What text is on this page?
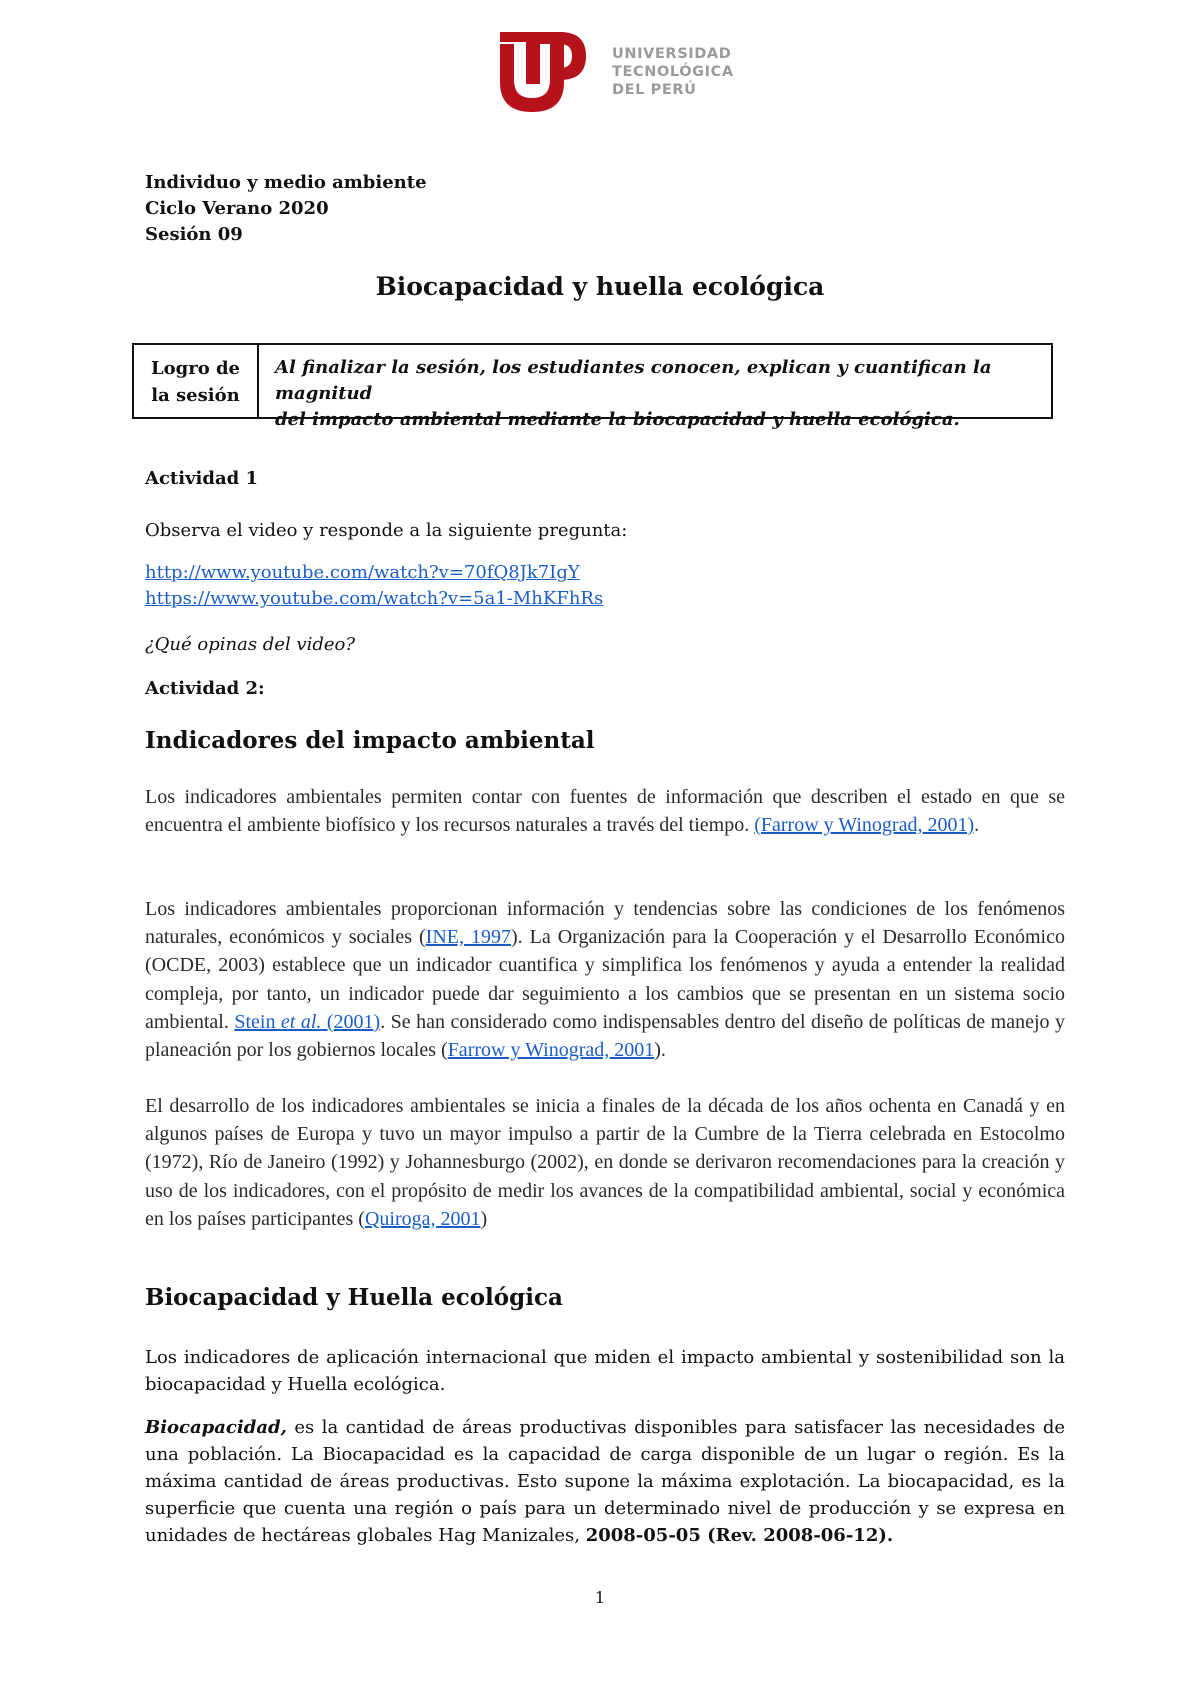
UNIVERSIDAD
TECNOLÓGICA
DEL PERÚ
Individuo y medio ambiente
Ciclo Verano 2020
Sesión 09
Biocapacidad y huella ecológica
Logro de
la sesión
Al finalizar la sesión, los estudiantes conocen, explican y cuantifican la magnitud
del impacto ambiental mediante la biocapacidad y huella ecológica.
Actividad 1
Observa el video y responde a la siguiente pregunta:
http://www.youtube.com/watch?v=70fQ8Jk7IgY
https://www.youtube.com/watch?v=5a1-MhKFhRs
¿Qué opinas del video?
Actividad 2:
Indicadores del impacto ambiental
Los indicadores ambientales permiten contar con fuentes de información que describen el estado en que se encuentra el ambiente biofísico y los recursos naturales a través del tiempo. (Farrow y Winograd, 2001).
Los indicadores ambientales proporcionan información y tendencias sobre las condiciones de los fenómenos naturales, económicos y sociales (INE, 1997). La Organización para la Cooperación y el Desarrollo Económico (OCDE, 2003) establece que un indicador cuantifica y simplifica los fenómenos y ayuda a entender la realidad compleja, por tanto, un indicador puede dar seguimiento a los cambios que se presentan en un sistema socio ambiental. Stein et al. (2001). Se han considerado como indispensables dentro del diseño de políticas de manejo y planeación por los gobiernos locales (Farrow y Winograd, 2001).
El desarrollo de los indicadores ambientales se inicia a finales de la década de los años ochenta en Canadá y en algunos países de Europa y tuvo un mayor impulso a partir de la Cumbre de la Tierra celebrada en Estocolmo (1972), Río de Janeiro (1992) y Johannesburgo (2002), en donde se derivaron recomendaciones para la creación y uso de los indicadores, con el propósito de medir los avances de la compatibilidad ambiental, social y económica en los países participantes (Quiroga, 2001)
Biocapacidad y Huella ecológica
Los indicadores de aplicación internacional que miden el impacto ambiental y sostenibilidad son la biocapacidad y Huella ecológica.
Biocapacidad, es la cantidad de áreas productivas disponibles para satisfacer las necesidades de una población. La Biocapacidad es la capacidad de carga disponible de un lugar o región. Es la máxima cantidad de áreas productivas. Esto supone la máxima explotación. La biocapacidad, es la superficie que cuenta una región o país para un determinado nivel de producción y se expresa en unidades de hectáreas globales Hag Manizales, 2008-05-05 (Rev. 2008-06-12).
1
